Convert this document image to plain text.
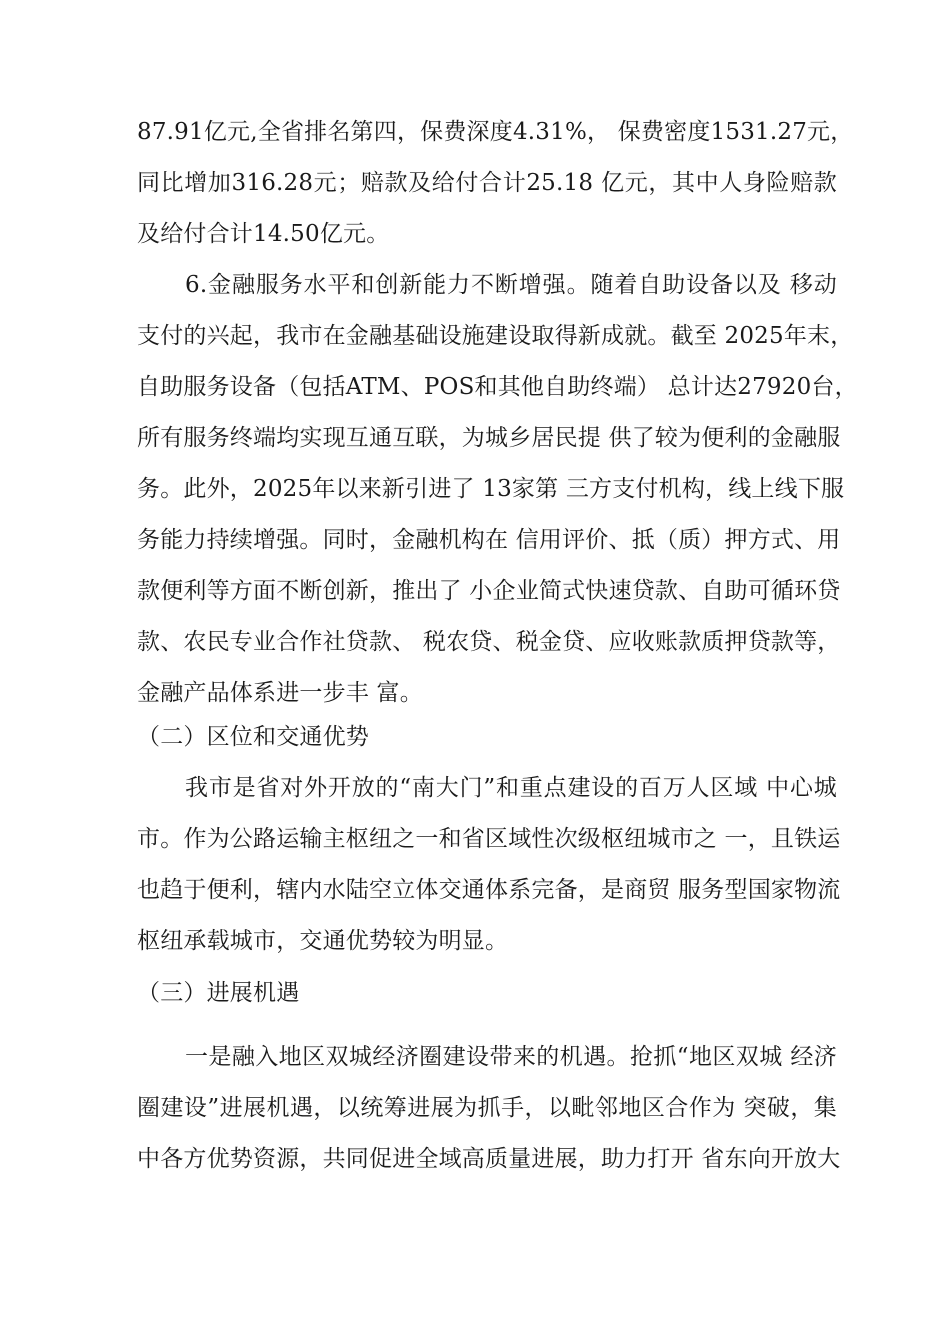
87.91亿元,全省排名第四，保费深度4.31%， 保费密度1531.27元，
同比增加316.28元；赔款及给付合计25.18 亿元，其中人身险赔款
及给付合计14.50亿元。
6.金融服务水平和创新能力不断增强。随着自助设备以及 移动
支付的兴起，我市在金融基础设施建设取得新成就。截至 2025年末，
自助服务设备（包括ATM、POS和其他自助终端） 总计达27920台，
所有服务终端均实现互通互联，为城乡居民提 供了较为便利的金融服
务。此外，2025年以来新引进了 13家第 三方支付机构，线上线下服
务能力持续增强。同时，金融机构在 信用评价、抵（质）押方式、用
款便利等方面不断创新，推出了 小企业简式快速贷款、自助可循环贷
款、农民专业合作社贷款、 税农贷、税金贷、应收账款质押贷款等，
金融产品体系进一步丰 富。
（二）区位和交通优势
我市是省对外开放的“南大门”和重点建设的百万人区域 中心城
市。作为公路运输主枢纽之一和省区域性次级枢纽城市之 一，且铁运
也趋于便利，辖内水陆空立体交通体系完备，是商贸 服务型国家物流
枢纽承载城市，交通优势较为明显。
（三）进展机遇
一是融入地区双城经济圈建设带来的机遇。抢抓“地区双城 经济
圈建设”进展机遇，以统筹进展为抓手，以毗邻地区合作为 突破，集
中各方优势资源，共同促进全域高质量进展，助力打开 省东向开放大
